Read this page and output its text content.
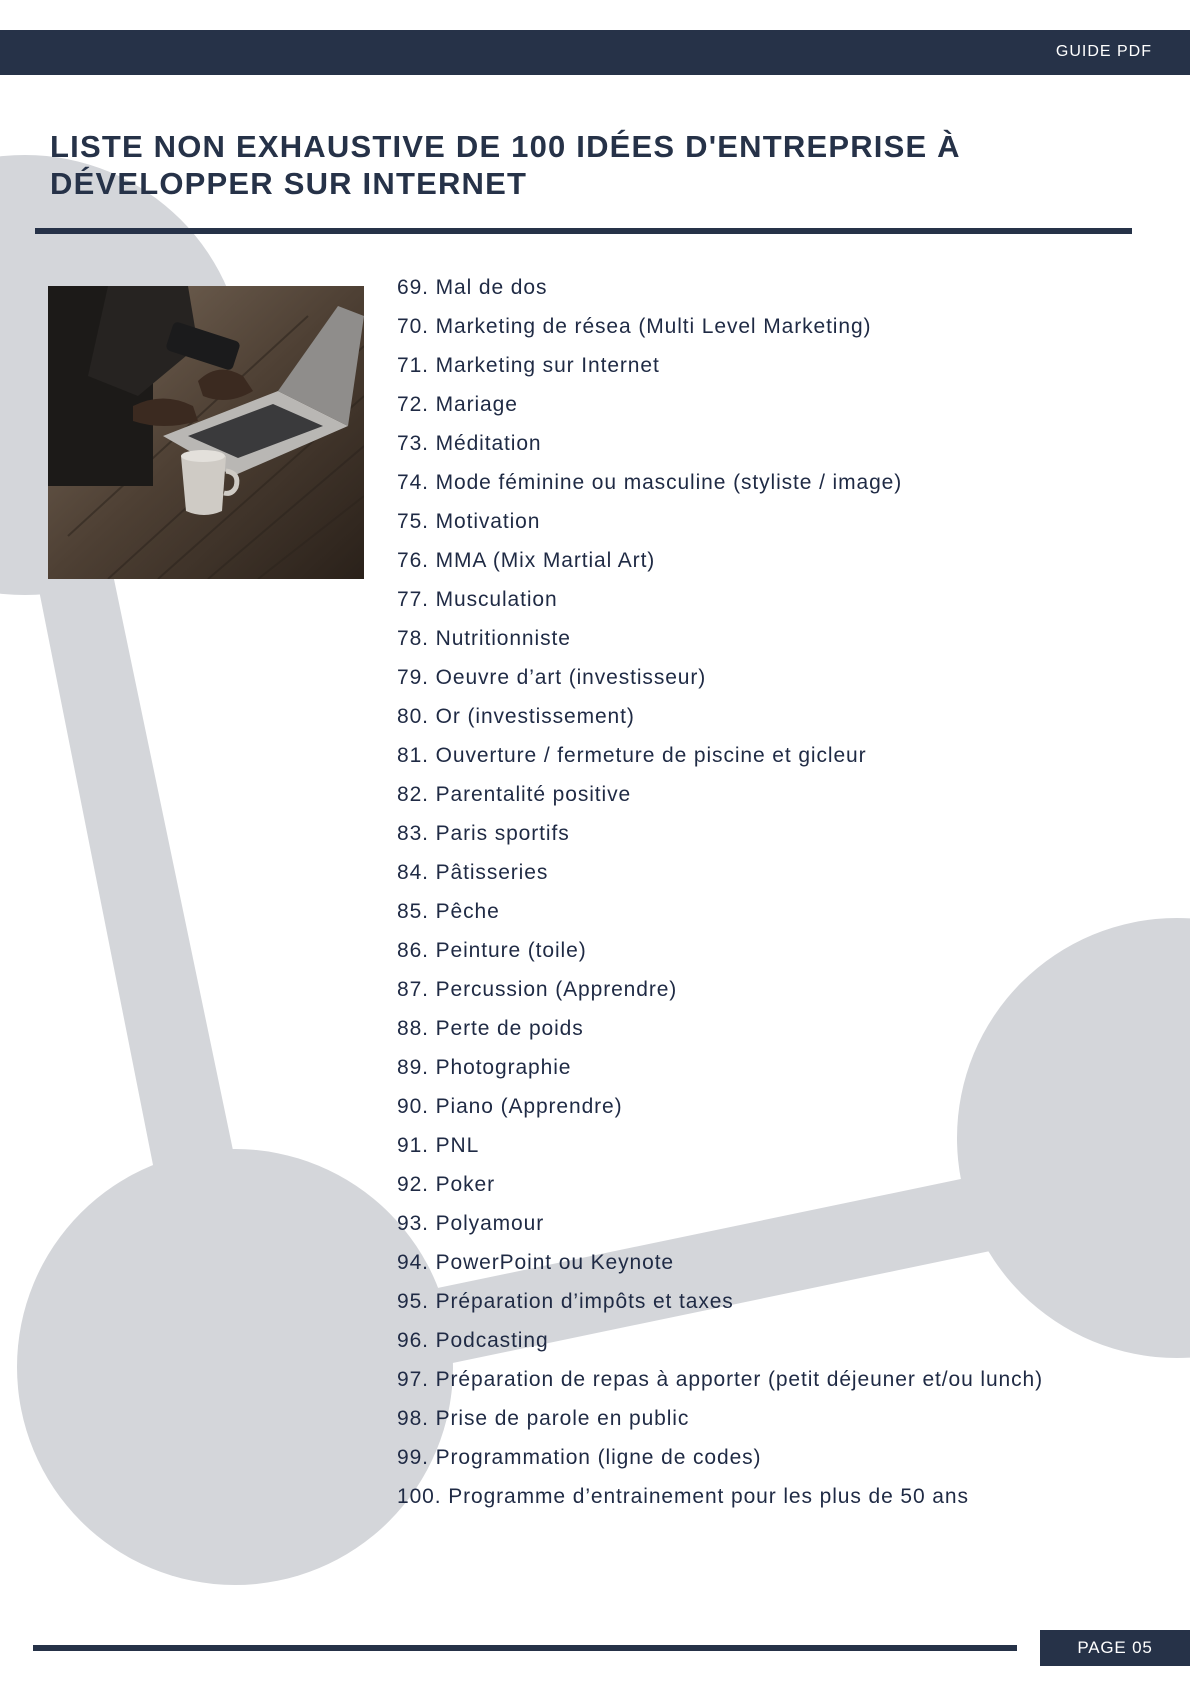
GUIDE PDF
LISTE NON EXHAUSTIVE DE 100 IDÉES D'ENTREPRISE À DÉVELOPPER SUR INTERNET
69. Mal de dos
70. Marketing de résea (Multi Level Marketing)
71. Marketing sur Internet
72. Mariage
73. Méditation
74. Mode féminine ou masculine (styliste / image)
75. Motivation
76. MMA (Mix Martial Art)
77. Musculation
78. Nutritionniste
79. Oeuvre d’art (investisseur)
80. Or (investissement)
81. Ouverture / fermeture de piscine et gicleur
82. Parentalité positive
83. Paris sportifs
84. Pâtisseries
85. Pêche
86. Peinture (toile)
87. Percussion (Apprendre)
88. Perte de poids
89. Photographie
90. Piano (Apprendre)
91. PNL
92. Poker
93. Polyamour
94. PowerPoint ou Keynote
95. Préparation d’impôts et taxes
96. Podcasting
97. Préparation de repas à apporter (petit déjeuner et/ou lunch)
98. Prise de parole en public
99. Programmation (ligne de codes)
100. Programme d’entrainement pour les plus de 50 ans
PAGE 05
